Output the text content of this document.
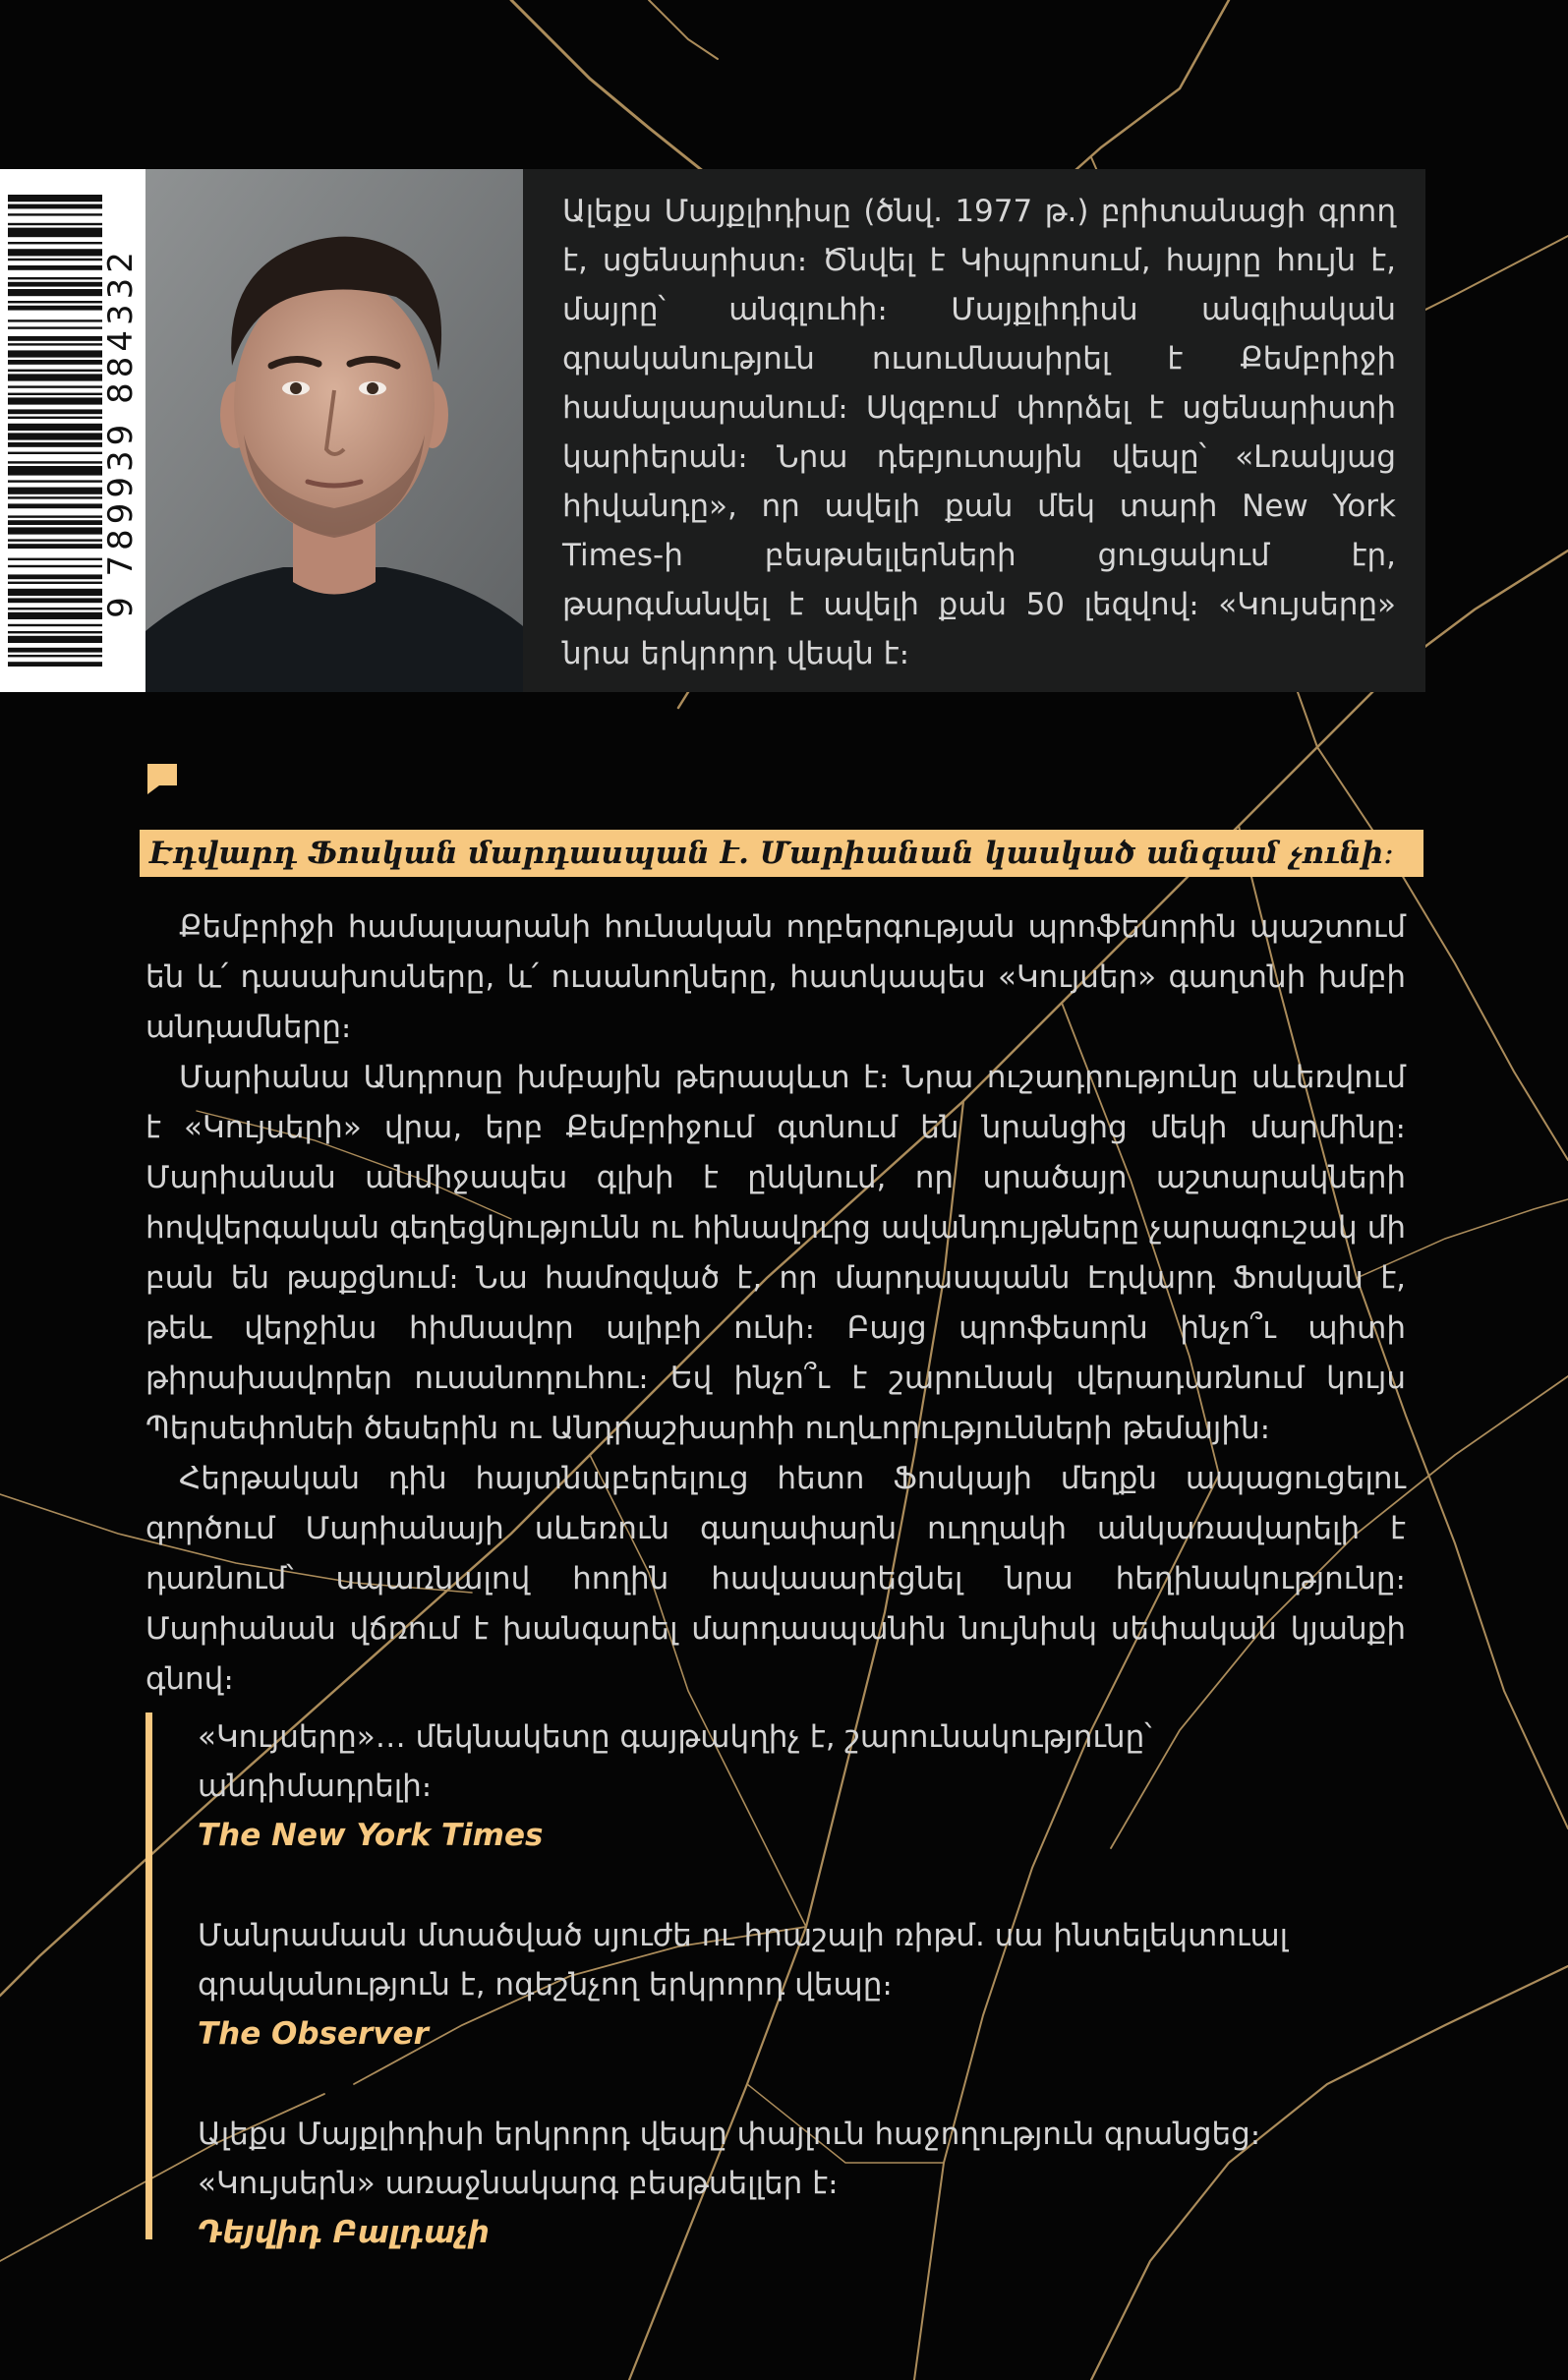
9 789939 884332

Ալեքս Մայքլիդիսը (ծնվ. 1977 թ.) բրիտանացի գրող է, սցենարիստ։ Ծնվել է Կիպրոսում, հայրը հույն է, մայրը՝ անգլուհի։ Մայքլիդիսն անգլիական գրականություն ուսումնասիրել է Քեմբրիջի համալսարանում։ Սկզբում փորձել է սցենարիստի կարիերան։ Նրա դեբյուտային վեպը՝ «Լռակյաց հիվանդը», որ ավելի քան մեկ տարի New York Times-ի բեսթսելլերների ցուցակում էր, թարգմանվել է ավելի քան 50 լեզվով։ «Կույսերը» նրա երկրորդ վեպն է։

Էդվարդ Ֆոսկան մարդասպան է. Մարիանան կասկած անգամ չունի։

Քեմբրիջի համալսարանի հունական ողբերգության պրոֆեսորին պաշտում են և՛ դասախոսները, և՛ ուսանողները, հատկապես «Կույսեր» գաղտնի խմբի անդամները։

Մարիանա Անդրոսը խմբային թերապևտ է։ Նրա ուշադրությունը սևեռվում է «Կույսերի» վրա, երբ Քեմբրիջում գտնում են նրանցից մեկի մարմինը։ Մարիանան անմիջապես գլխի է ընկնում, որ սրածայր աշտարակների հովվերգական գեղեցկությունն ու հինավուրց ավանդույթները չարագուշակ մի բան են թաքցնում։ Նա համոզված է, որ մարդասպանն Էդվարդ Ֆոսկան է, թեև վերջինս հիմնավոր ալիբի ունի։ Բայց պրոֆեսորն ինչո՞ւ պիտի թիրախավորեր ուսանողուհու։ Եվ ինչո՞ւ է շարունակ վերադառնում կույս Պերսեփոնեի ծեսերին ու Անդրաշխարհի ուղևորությունների թեմային։

Հերթական դին հայտնաբերելուց հետո Ֆոսկայի մեղքն ապացուցելու գործում Մարիանայի սևեռուն գաղափարն ուղղակի անկառավարելի է դառնում՝ սպառնալով հողին հավասարեցնել նրա հեղինակությունը։ Մարիանան վճռում է խանգարել մարդասպանին նույնիսկ սեփական կյանքի գնով։

«Կույսերը»… մեկնակետը գայթակղիչ է, շարունակությունը՝ անդիմադրելի։

The New York Times

Մանրամասն մտածված սյուժե ու հրաշալի ռիթմ. սա ինտելեկտուալ գրականություն է, ոգեշնչող երկրորդ վեպը։

The Observer

Ալեքս Մայքլիդիսի երկրորդ վեպը փայլուն հաջողություն գրանցեց։ «Կույսերն» առաջնակարգ բեսթսելլեր է։

Դեյվիդ Բալդաչի
